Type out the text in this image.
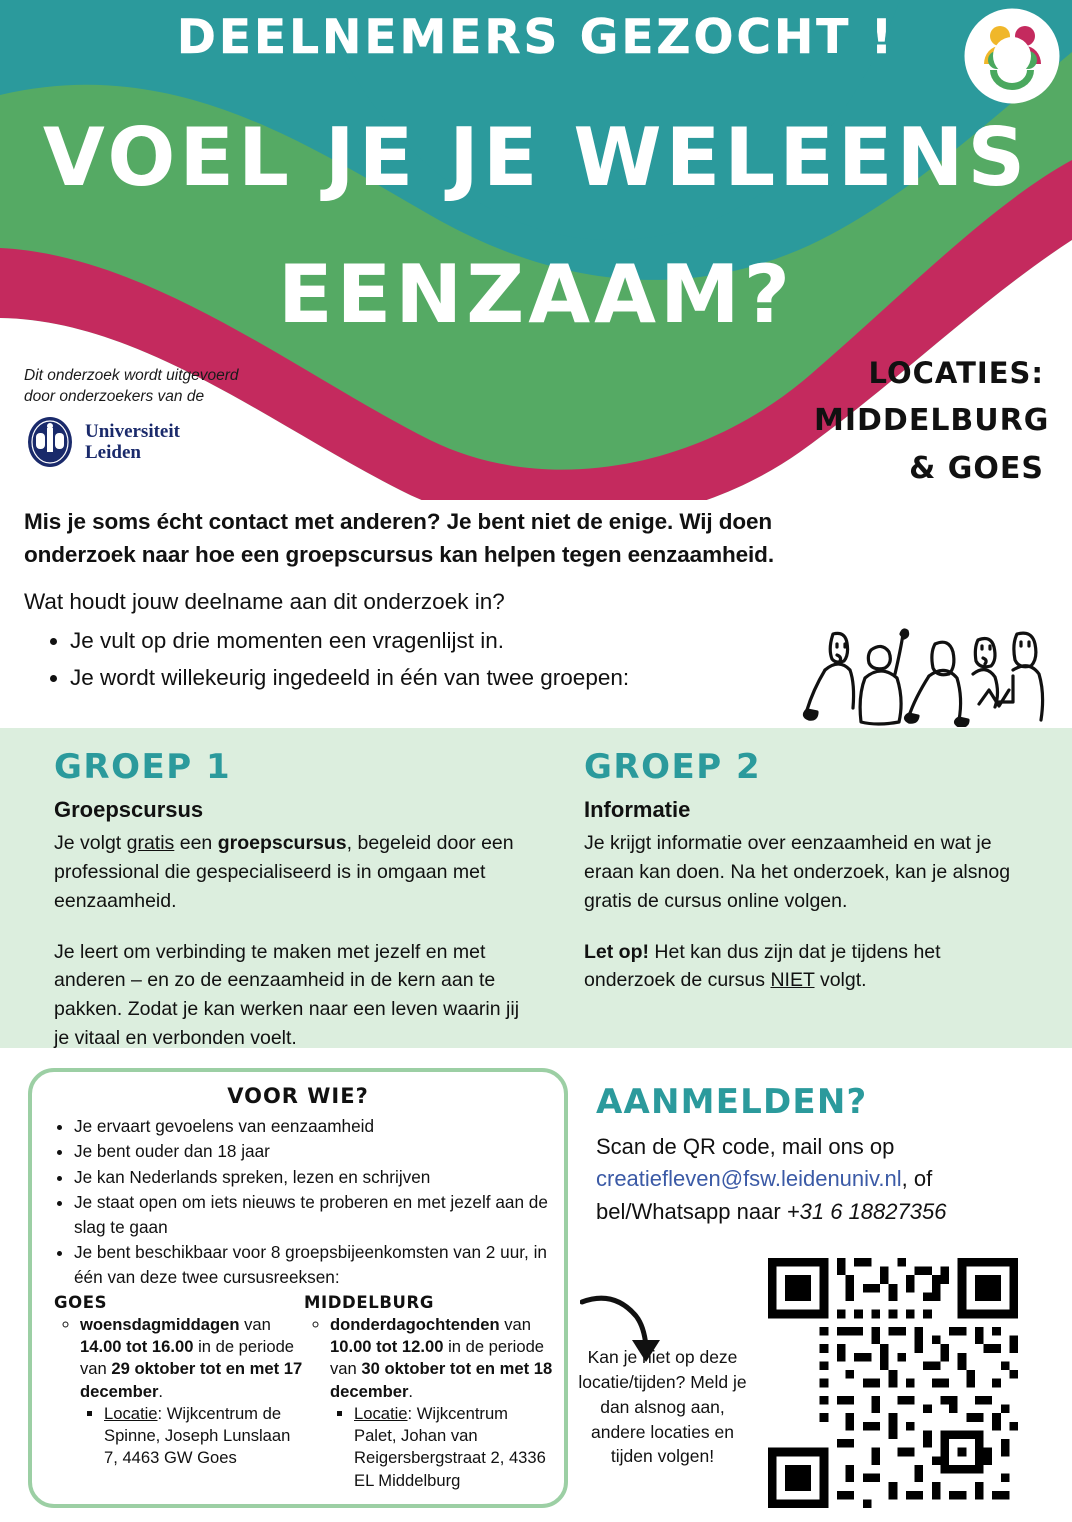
DEELNEMERS GEZOCHT !
VOEL JE JE WELEENS
EENZAAM?
Dit onderzoek wordt uitgevoerd
door onderzoekers van de
Universiteit
Leiden
LOCATIES:
MIDDELBURG
& GOES
Mis je soms écht contact met anderen? Je bent niet de enige. Wij doen
onderzoek naar hoe een groepscursus kan helpen tegen eenzaamheid.
Wat houdt jouw deelname aan dit onderzoek in?
• Je vult op drie momenten een vragenlijst in.
• Je wordt willekeurig ingedeeld in één van twee groepen:
GROEP 1
Groepscursus

Je volgt gratis een groepscursus, begeleid door een professional die gespecialiseerd is in omgaan met eenzaamheid.

Je leert om verbinding te maken met jezelf en met anderen – en zo de eenzaamheid in de kern aan te pakken. Zodat je kan werken naar een leven waarin jij je vitaal en verbonden voelt.

GROEP 2
Informatie

Je krijgt informatie over eenzaamheid en wat je eraan kan doen. Na het onderzoek, kan je alsnog gratis de cursus online volgen.

Let op! Het kan dus zijn dat je tijdens het onderzoek de cursus NIET volgt.

VOOR WIE?
• Je ervaart gevoelens van eenzaamheid
• Je bent ouder dan 18 jaar
• Je kan Nederlands spreken, lezen en schrijven
• Je staat open om iets nieuws te proberen en met jezelf aan de slag te gaan
• Je bent beschikbaar voor 8 groepsbijeenkomsten van 2 uur, in één van deze twee cursusreeksen:
GOES
◦ woensdagmiddagen van 14.00 tot 16.00 in de periode van 29 oktober tot en met 17 december.
▪ Locatie: Wijkcentrum de Spinne, Joseph Lunslaan 7, 4463 GW Goes
MIDDELBURG
◦ donderdagochtenden van 10.00 tot 12.00 in de periode van 30 oktober tot en met 18 december.
▪ Locatie: Wijkcentrum Palet, Johan van Reigersbergstraat 2, 4336 EL Middelburg
AANMELDEN?
Scan de QR code, mail ons op
creatiefleven@fsw.leidenuniv.nl, of
bel/Whatsapp naar +31 6 18827356
Kan je niet op deze locatie/tijden? Meld je dan alsnog aan, andere locaties en tijden volgen!
